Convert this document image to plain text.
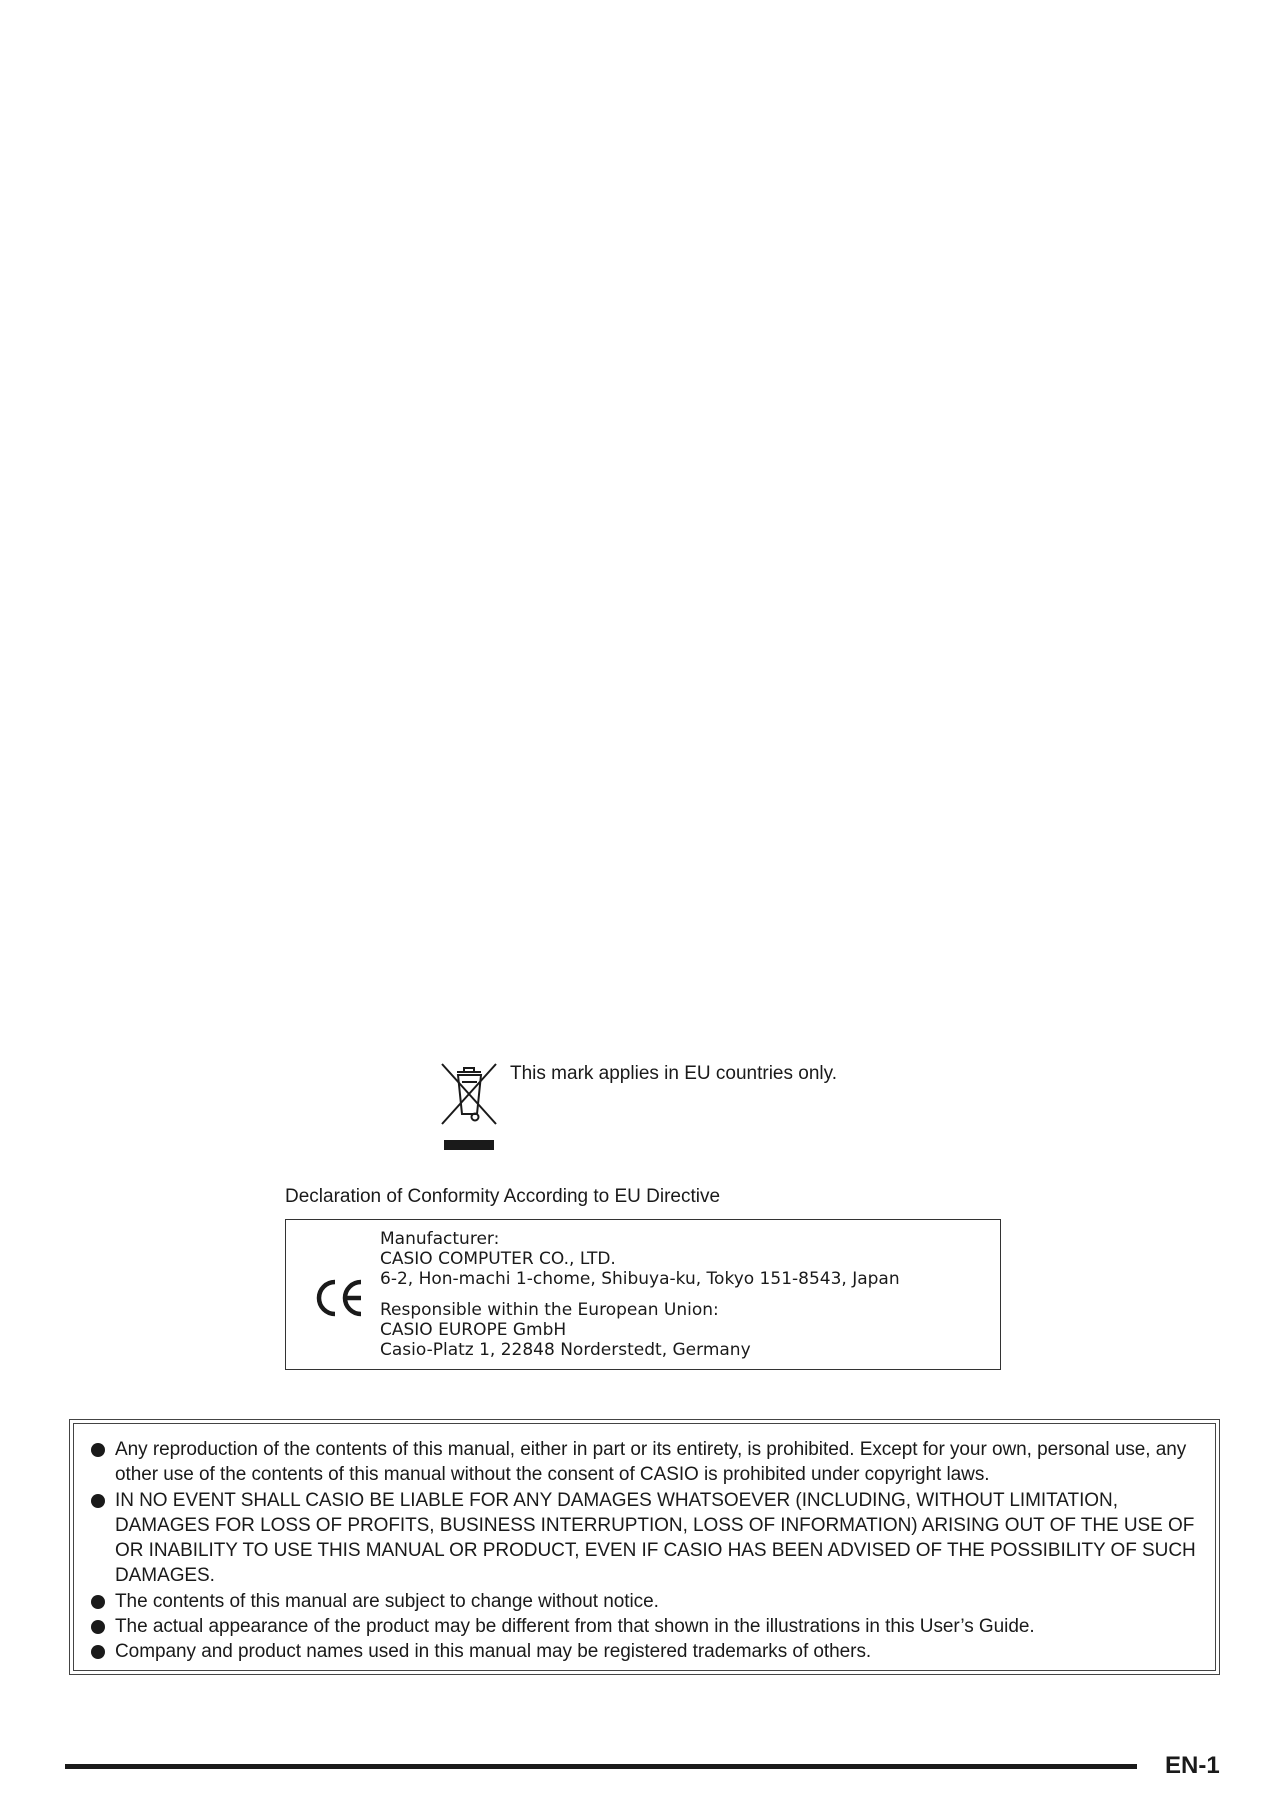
This mark applies in EU countries only.
Declaration of Conformity According to EU Directive
Manufacturer:
CASIO COMPUTER CO., LTD.
6-2, Hon-machi 1-chome, Shibuya-ku, Tokyo 151-8543, Japan
Responsible within the European Union:
CASIO EUROPE GmbH
Casio-Platz 1, 22848 Norderstedt, Germany
Any reproduction of the contents of this manual, either in part or its entirety, is prohibited. Except for your own, personal use, any other use of the contents of this manual without the consent of CASIO is prohibited under copyright laws.
IN NO EVENT SHALL CASIO BE LIABLE FOR ANY DAMAGES WHATSOEVER (INCLUDING, WITHOUT LIMITATION, DAMAGES FOR LOSS OF PROFITS, BUSINESS INTERRUPTION, LOSS OF INFORMATION) ARISING OUT OF THE USE OF OR INABILITY TO USE THIS MANUAL OR PRODUCT, EVEN IF CASIO HAS BEEN ADVISED OF THE POSSIBILITY OF SUCH DAMAGES.
The contents of this manual are subject to change without notice.
The actual appearance of the product may be different from that shown in the illustrations in this User’s Guide.
Company and product names used in this manual may be registered trademarks of others.
EN-1
